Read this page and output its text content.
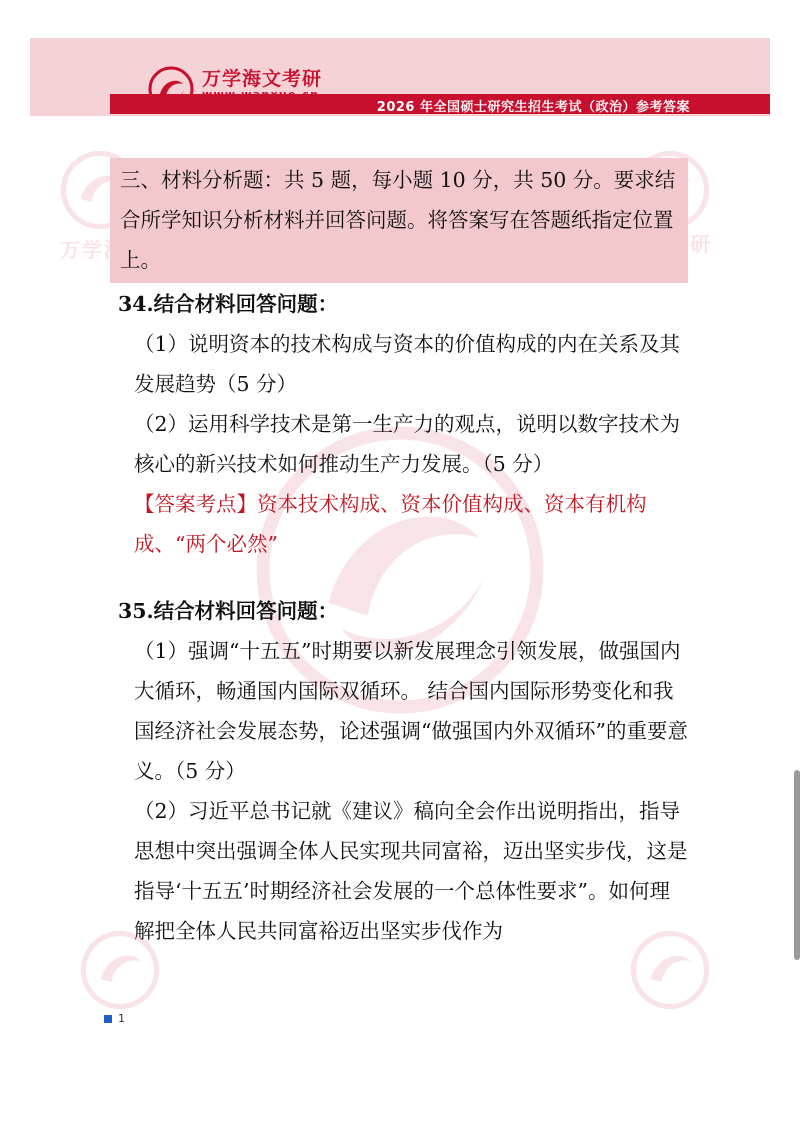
2026 年全国硕士研究生招生考试（政治）参考答案
万学海文考研
www.wanxue.cn
万学海
三、材料分析题：共 5 题，每小题 10 分，共 50 分。要求结合所学知识分析材料并回答问题。将答案写在答题纸指定位置上。
34.结合材料回答问题：
（1）说明资本的技术构成与资本的价值构成的内在关系及其发展趋势（5 分）
（2）运用科学技术是第一生产力的观点，说明以数字技术为核心的新兴技术如何推动生产力发展。（5 分）
【答案考点】资本技术构成、资本价值构成、资本有机构成、“两个必然”
35.结合材料回答问题：
（1）强调“十五五”时期要以新发展理念引领发展，做强国内大循环，畅通国内国际双循环。 结合国内国际形势变化和我国经济社会发展态势，论述强调“做强国内外双循环”的重要意义。（5 分）
（2）习近平总书记就《建议》稿向全会作出说明指出，指导思想中突出强调全体人民实现共同富裕，迈出坚实步伐，这是指导‘十五五’时期经济社会发展的一个总体性要求”。如何理解把全体人民共同富裕迈出坚实步伐作为
1
